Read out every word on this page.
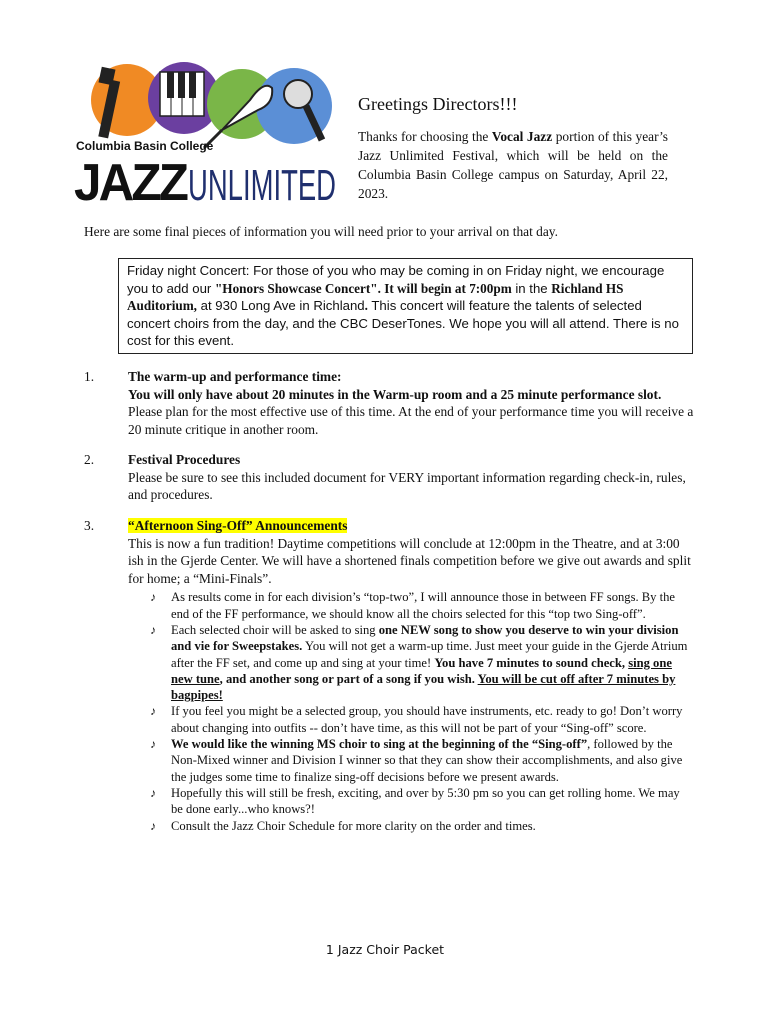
Columbia Basin College
JAZZ UNLIMITED
Greetings Directors!!!

Thanks for choosing the Vocal Jazz portion of this year’s Jazz Unlimited Festival, which will be held on the Columbia Basin College campus on Saturday, April 22, 2023.

Here are some final pieces of information you will need prior to your arrival on that day.
Friday night Concert: For those of you who may be coming in on Friday night, we encourage you to add our "Honors Showcase Concert". It will begin at 7:00pm in the Richland HS Auditorium, at 930 Long Ave in Richland. This concert will feature the talents of selected concert choirs from the day, and the CBC DeserTones. We hope you will all attend. There is no cost for this event.
1.	The warm-up and performance time:
You will only have about 20 minutes in the Warm-up room and a 25 minute performance slot. Please plan for the most effective use of this time. At the end of your performance time you will receive a 20 minute critique in another room.
2.	Festival Procedures
Please be sure to see this included document for VERY important information regarding check-in, rules, and procedures.
3.	“Afternoon Sing-Off” Announcements
This is now a fun tradition! Daytime competitions will conclude at 12:00pm in the Theatre, and at 3:00 ish in the Gjerde Center. We will have a shortened finals competition before we give out awards and split for home; a “Mini-Finals”.
♪ As results come in for each division’s “top-two”, I will announce those in between FF songs. By the end of the FF performance, we should know all the choirs selected for this “top two Sing-off”.
♪ Each selected choir will be asked to sing one NEW song to show you deserve to win your division and vie for Sweepstakes. You will not get a warm-up time. Just meet your guide in the Gjerde Atrium after the FF set, and come up and sing at your time! You have 7 minutes to sound check, sing one new tune, and another song or part of a song if you wish. You will be cut off after 7 minutes by bagpipes!
♪ If you feel you might be a selected group, you should have instruments, etc. ready to go! Don’t worry about changing into outfits -- don’t have time, as this will not be part of your “Sing-off” score.
♪ We would like the winning MS choir to sing at the beginning of the “Sing-off”, followed by the Non-Mixed winner and Division I winner so that they can show their accomplishments, and also give the judges some time to finalize sing-off decisions before we present awards.
♪ Hopefully this will still be fresh, exciting, and over by 5:30 pm so you can get rolling home. We may be done early...who knows?!
♪ Consult the Jazz Choir Schedule for more clarity on the order and times.
1 Jazz Choir Packet
